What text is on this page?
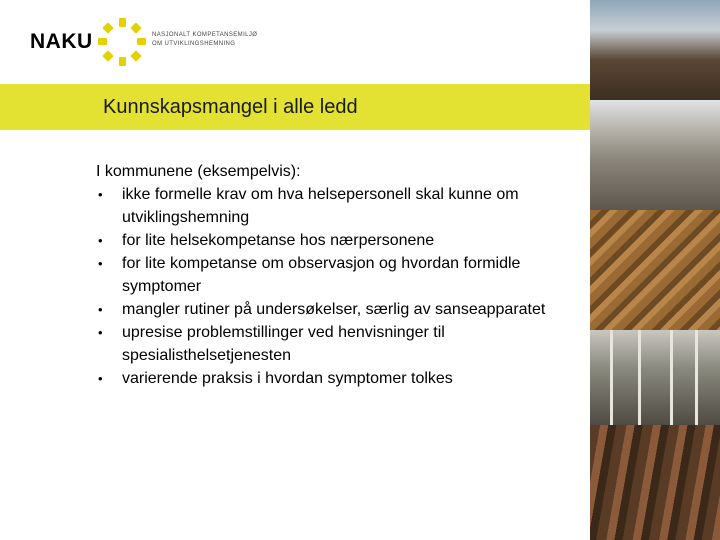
NAKU	NASJONALT KOMPETANSEMILJØ
OM UTVIKLINGSHEMNING
Kunnskapsmangel i alle ledd

I kommunene (eksempelvis):

• ikke formelle krav om hva helsepersonell skal kunne om utviklingshemning
• for lite helsekompetanse hos nærpersonene
• for lite kompetanse om observasjon og hvordan formidle symptomer
• mangler rutiner på undersøkelser, særlig av sanseapparatet
• upresise problemstillinger ved henvisninger til spesialisthelsetjenesten
• varierende praksis i hvordan symptomer tolkes
